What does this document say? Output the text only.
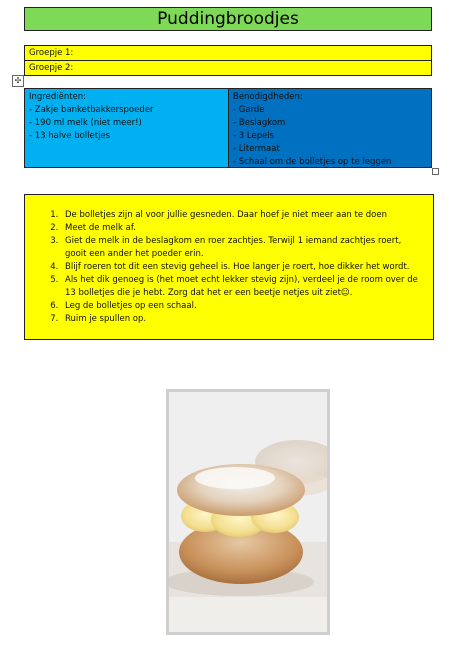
Puddingbroodjes
Groepje 1:
Groepje 2:
✣
Ingrediënten:
- Zakje banketbakkerspoeder
- 190 ml melk (niet meer!)
- 13 halve bolletjes
Benodigdheden:
- Garde
- Beslagkom
- 3 Lepels
- Litermaat
- Schaal om de bolletjes op te leggen
1. De bolletjes zijn al voor jullie gesneden. Daar hoef je niet meer aan te doen
2. Meet de melk af.
3. Giet de melk in de beslagkom en roer zachtjes. Terwijl 1 iemand zachtjes roert, gooit een ander het poeder erin.
4. Blijf roeren tot dit een stevig geheel is. Hoe langer je roert, hoe dikker het wordt.
5. Als het dik genoeg is (het moet echt lekker stevig zijn), verdeel je de room over de 13 bolletjes die je hebt. Zorg dat het er een beetje netjes uit ziet☺.
6. Leg de bolletjes op een schaal.
7. Ruim je spullen op.
